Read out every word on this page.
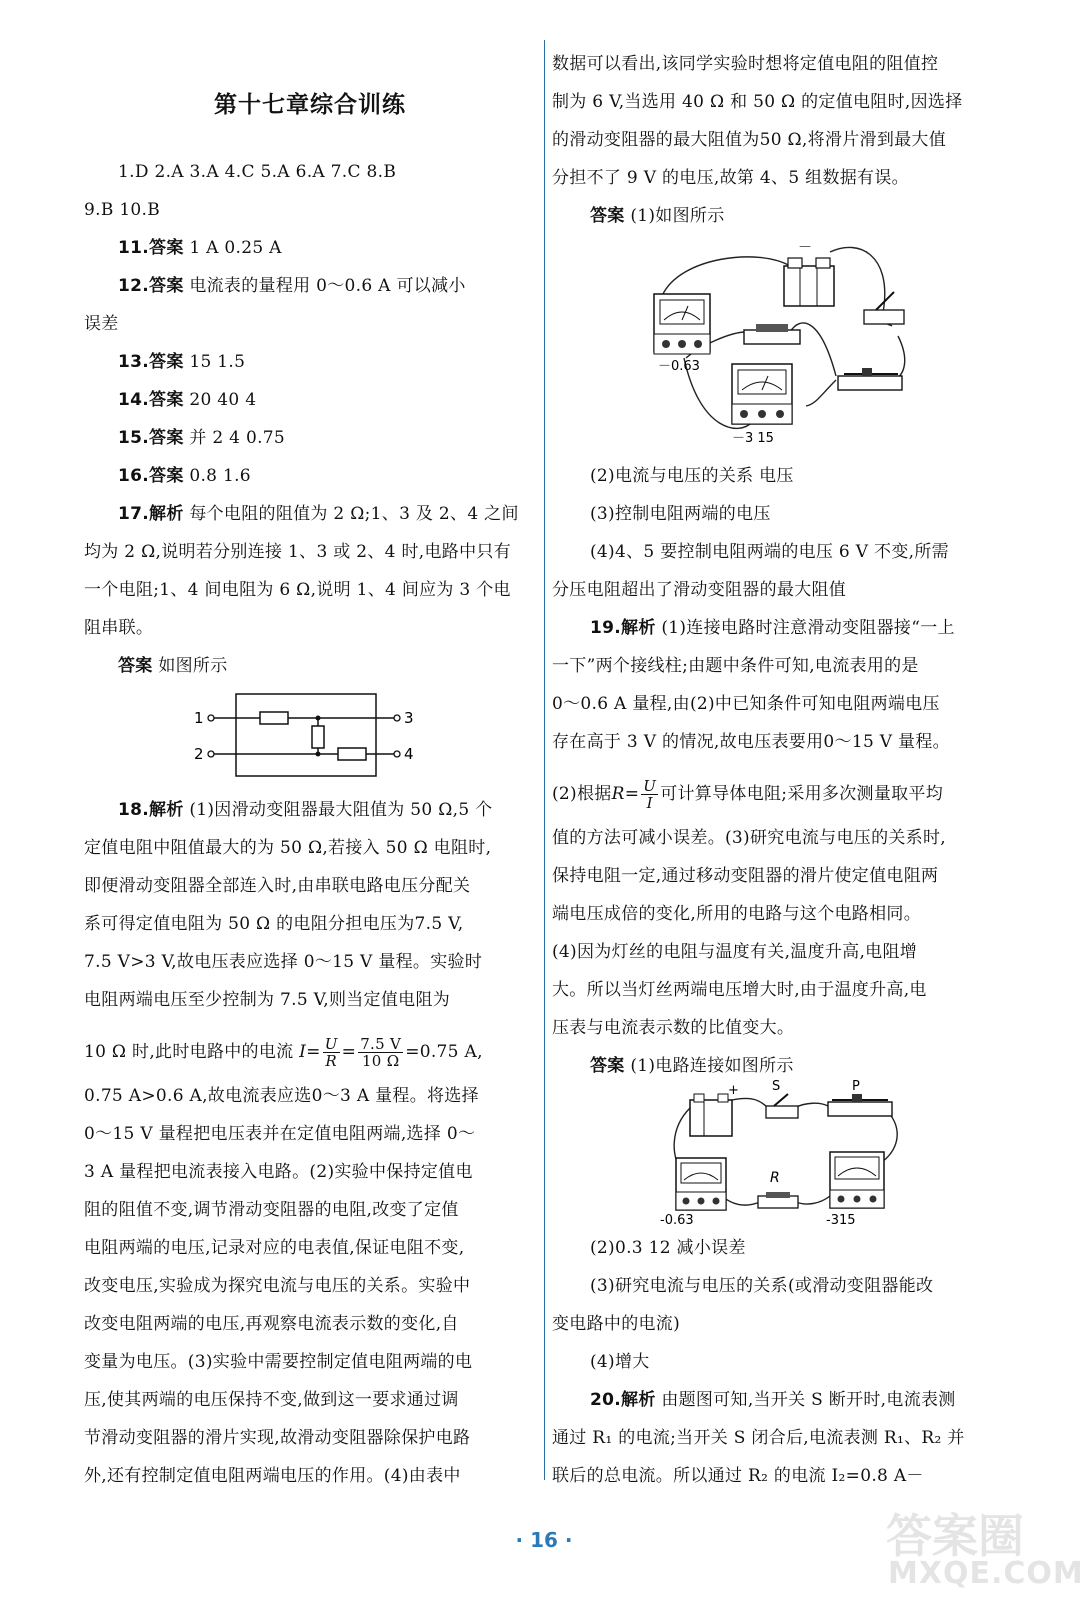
第十七章综合训练
1.D 2.A 3.A 4.C 5.A 6.A 7.C 8.B
9.B 10.B
11.答案 1 A 0.25 A
12.答案 电流表的量程用 0～0.6 A 可以减小
误差
13.答案 15 1.5
14.答案 20 40 4
15.答案 并 2 4 0.75
16.答案 0.8 1.6
17.解析 每个电阻的阻值为 2 Ω;1、3 及 2、4 之间
均为 2 Ω,说明若分别连接 1、3 或 2、4 时,电路中只有
一个电阻;1、4 间电阻为 6 Ω,说明 1、4 间应为 3 个电
阻串联。
答案 如图所示
1
2
3
4
18.解析 (1)因滑动变阻器最大阻值为 50 Ω,5 个
定值电阻中阻值最大的为 50 Ω,若接入 50 Ω 电阻时,
即便滑动变阻器全部连入时,由串联电路电压分配关
系可得定值电阻为 50 Ω 的电阻分担电压为7.5 V,
7.5 V>3 V,故电压表应选择 0～15 V 量程。实验时
电阻两端电压至少控制为 7.5 V,则当定值电阻为
10 Ω 时,此时电路中的电流 $I= \frac{U}{R} = \frac{7.5 V}{10 \Omega} =0.75$ A,
0.75 A>0.6 A,故电流表应选0～3 A 量程。将选择
0～15 V 量程把电压表并在定值电阻两端,选择 0～
3 A 量程把电流表接入电路。(2)实验中保持定值电
阻的阻值不变,调节滑动变阻器的电阻,改变了定值
电阻两端的电压,记录对应的电表值,保证电阻不变,
改变电压,实验成为探究电流与电压的关系。实验中
改变电阻两端的电压,再观察电流表示数的变化,自
变量为电压。(3)实验中需要控制定值电阻两端的电
压,使其两端的电压保持不变,做到这一要求通过调
节滑动变阻器的滑片实现,故滑动变阻器除保护电路
外,还有控制定值电阻两端电压的作用。(4)由表中
数据可以看出,该同学实验时想将定值电阻的阻值控
制为 6 V,当选用 40 Ω 和 50 Ω 的定值电阻时,因选择
的滑动变阻器的最大阻值为50 Ω,将滑片滑到最大值
分担不了 9 V 的电压,故第 4、5 组数据有误。
答案 (1)如图所示
－
－0.63
－3 15
(2)电流与电压的关系 电压
(3)控制电阻两端的电压
(4)4、5 要控制电阻两端的电压 6 V 不变,所需
分压电阻超出了滑动变阻器的最大阻值
19.解析 (1)连接电路时注意滑动变阻器接“一上
一下”两个接线柱;由题中条件可知,电流表用的是
0～0.6 A 量程,由(2)中已知条件可知电阻两端电压
存在高于 3 V 的情况,故电压表要用0～15 V 量程。
(2)根据$R= \frac{U}{I}$ 可计算导体电阻;采用多次测量取平均
值的方法可减小误差。(3)研究电流与电压的关系时,
保持电阻一定,通过移动变阻器的滑片使定值电阻两
端电压成倍的变化,所用的电路与这个电路相同。
(4)因为灯丝的电阻与温度有关,温度升高,电阻增
大。所以当灯丝两端电压增大时,由于温度升高,电
压表与电流表示数的比值变大。
答案 (1)电路连接如图所示
+	S	P
-0.63
R
-315
(2)0.3 12 减小误差
(3)研究电流与电压的关系(或滑动变阻器能改
变电路中的电流)
(4)增大
20.解析 由题图可知,当开关 S 断开时,电流表测
通过 R₁ 的电流;当开关 S 闭合后,电流表测 R₁、R₂ 并
联后的总电流。所以通过 R₂ 的电流 I₂=0.8 A－
· 16 ·	答案圈
MXQE.COM
